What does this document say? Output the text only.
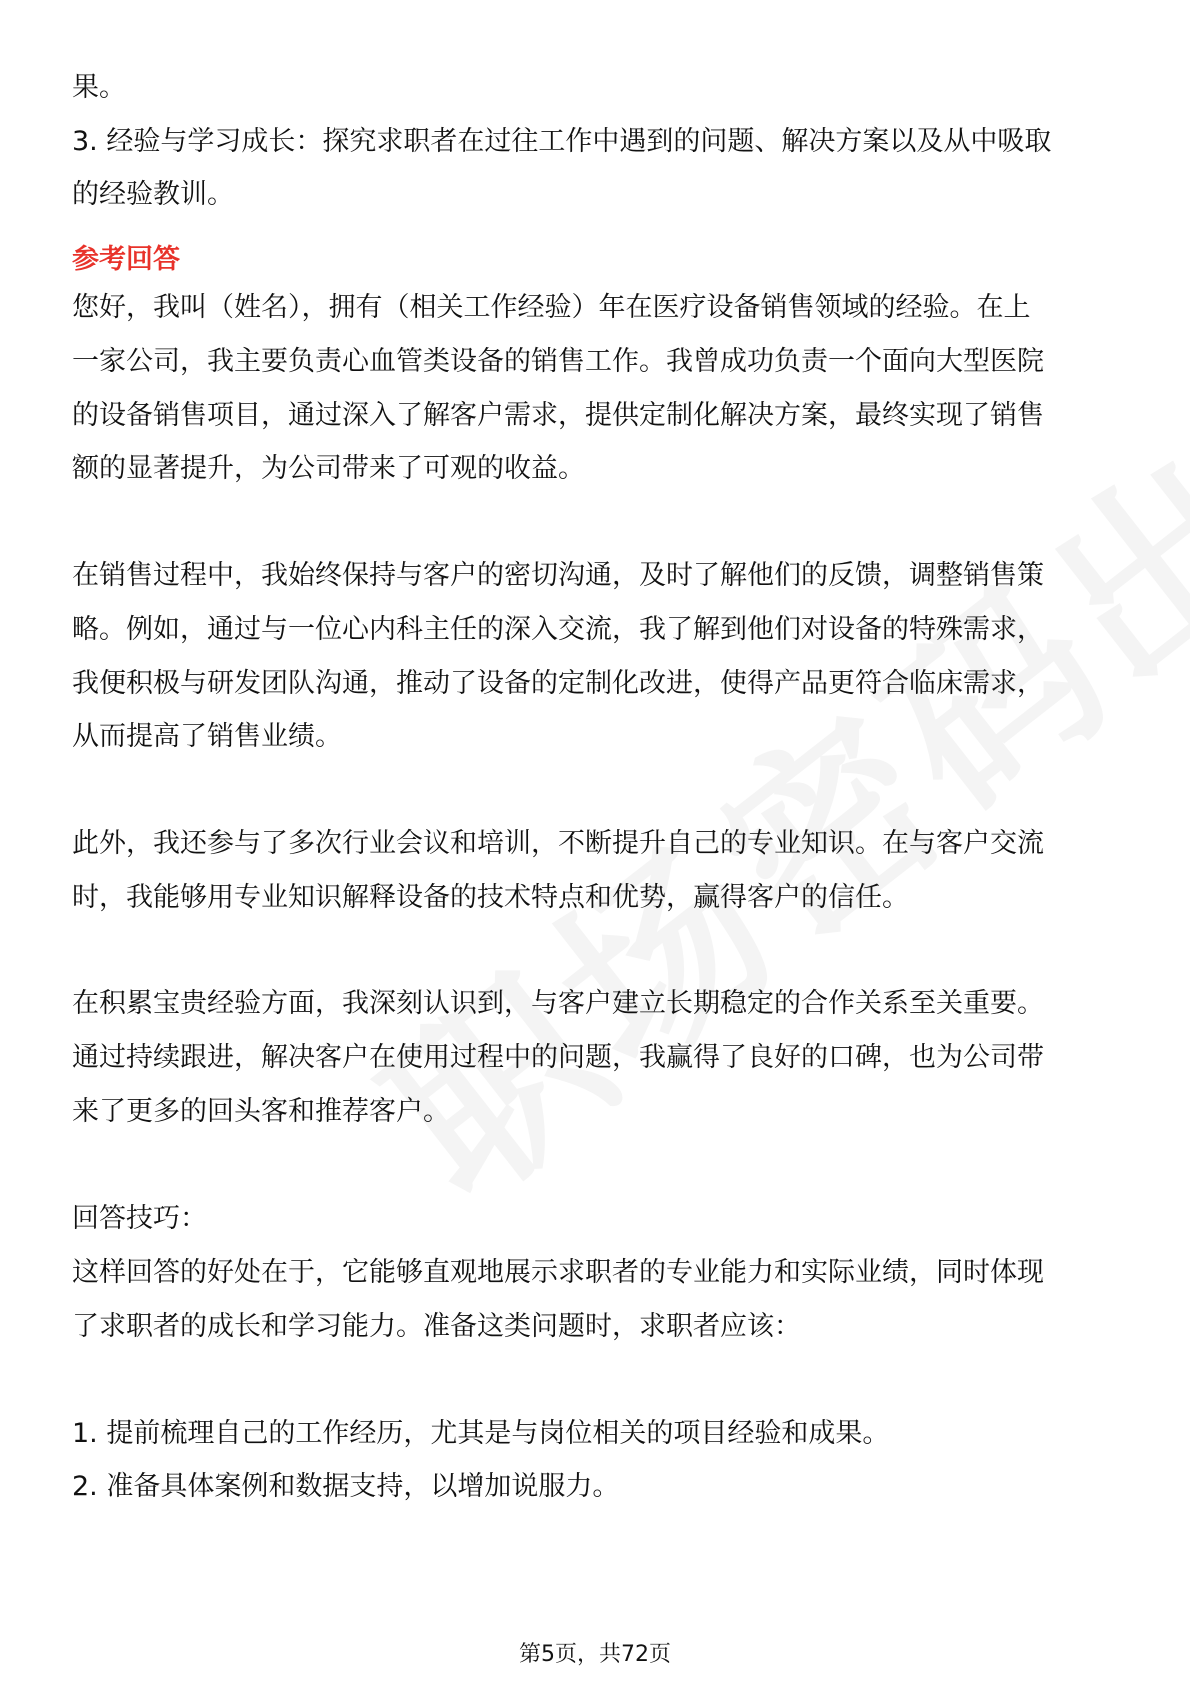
果。
3. 经验与学习成长：探究求职者在过往工作中遇到的问题、解决方案以及从中吸取
的经验教训。
参考回答
您好，我叫（姓名），拥有（相关工作经验）年在医疗设备销售领域的经验。在上
一家公司，我主要负责心血管类设备的销售工作。我曾成功负责一个面向大型医院
的设备销售项目，通过深入了解客户需求，提供定制化解决方案，最终实现了销售
额的显著提升，为公司带来了可观的收益。
在销售过程中，我始终保持与客户的密切沟通，及时了解他们的反馈，调整销售策
略。例如，通过与一位心内科主任的深入交流，我了解到他们对设备的特殊需求，
我便积极与研发团队沟通，推动了设备的定制化改进，使得产品更符合临床需求，
从而提高了销售业绩。
此外，我还参与了多次行业会议和培训，不断提升自己的专业知识。在与客户交流
时，我能够用专业知识解释设备的技术特点和优势，赢得客户的信任。
在积累宝贵经验方面，我深刻认识到，与客户建立长期稳定的合作关系至关重要。
通过持续跟进，解决客户在使用过程中的问题，我赢得了良好的口碑，也为公司带
来了更多的回头客和推荐客户。
回答技巧：
这样回答的好处在于，它能够直观地展示求职者的专业能力和实际业绩，同时体现
了求职者的成长和学习能力。准备这类问题时，求职者应该：
1. 提前梳理自己的工作经历，尤其是与岗位相关的项目经验和成果。
2. 准备具体案例和数据支持，以增加说服力。
第5页，共72页
